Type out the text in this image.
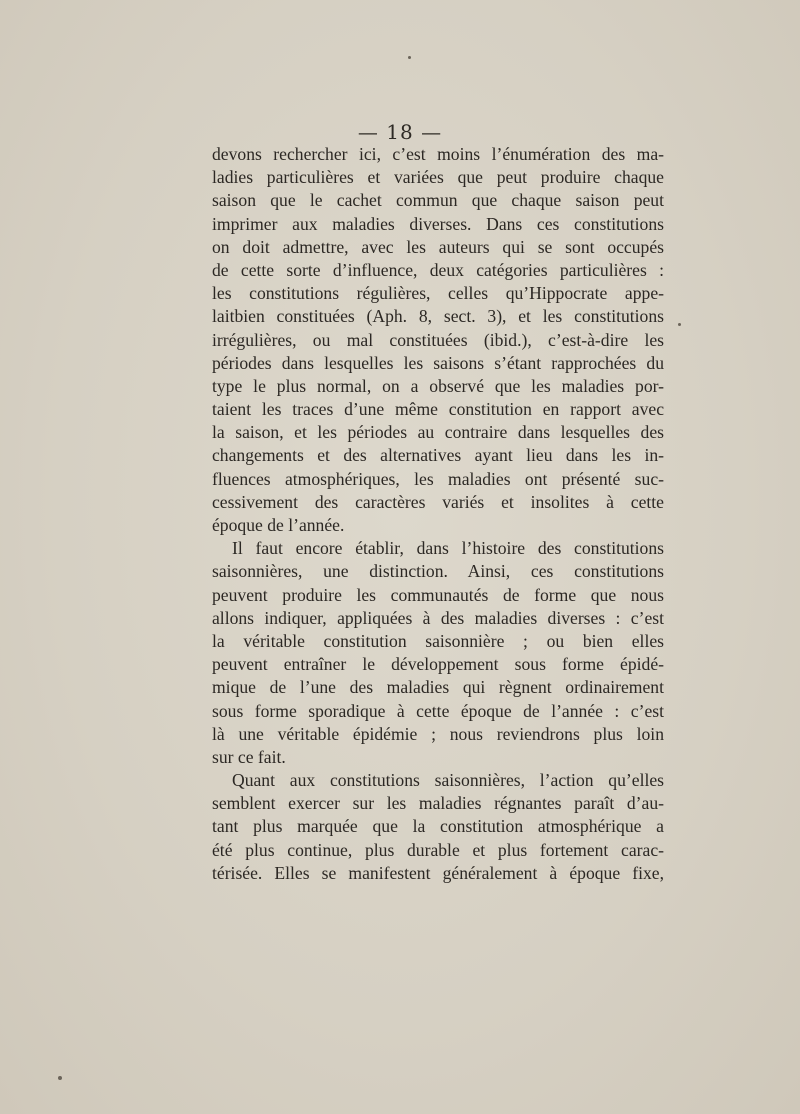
— 18 —
devons rechercher ici, c’est moins l’énumération des ma-
ladies particulières et variées que peut produire chaque
saison que le cachet commun que chaque saison peut
imprimer aux maladies diverses. Dans ces constitutions
on doit admettre, avec les auteurs qui se sont occupés
de cette sorte d’influence, deux catégories particulières :
les constitutions régulières, celles qu’Hippocrate appe-
laitbien constituées (Aph. 8, sect. 3), et les constitutions
irrégulières, ou mal constituées (ibid.), c’est-à-dire les
périodes dans lesquelles les saisons s’étant rapprochées du
type le plus normal, on a observé que les maladies por-
taient les traces d’une même constitution en rapport avec
la saison, et les périodes au contraire dans lesquelles des
changements et des alternatives ayant lieu dans les in-
fluences atmosphériques, les maladies ont présenté suc-
cessivement des caractères variés et insolites à cette
époque de l’année.
Il faut encore établir, dans l’histoire des constitutions
saisonnières, une distinction. Ainsi, ces constitutions
peuvent produire les communautés de forme que nous
allons indiquer, appliquées à des maladies diverses : c’est
la véritable constitution saisonnière ; ou bien elles
peuvent entraîner le développement sous forme épidé-
mique de l’une des maladies qui règnent ordinairement
sous forme sporadique à cette époque de l’année : c’est
là une véritable épidémie ; nous reviendrons plus loin
sur ce fait.
Quant aux constitutions saisonnières, l’action qu’elles
semblent exercer sur les maladies régnantes paraît d’au-
tant plus marquée que la constitution atmosphérique a
été plus continue, plus durable et plus fortement carac-
térisée. Elles se manifestent généralement à époque fixe,
